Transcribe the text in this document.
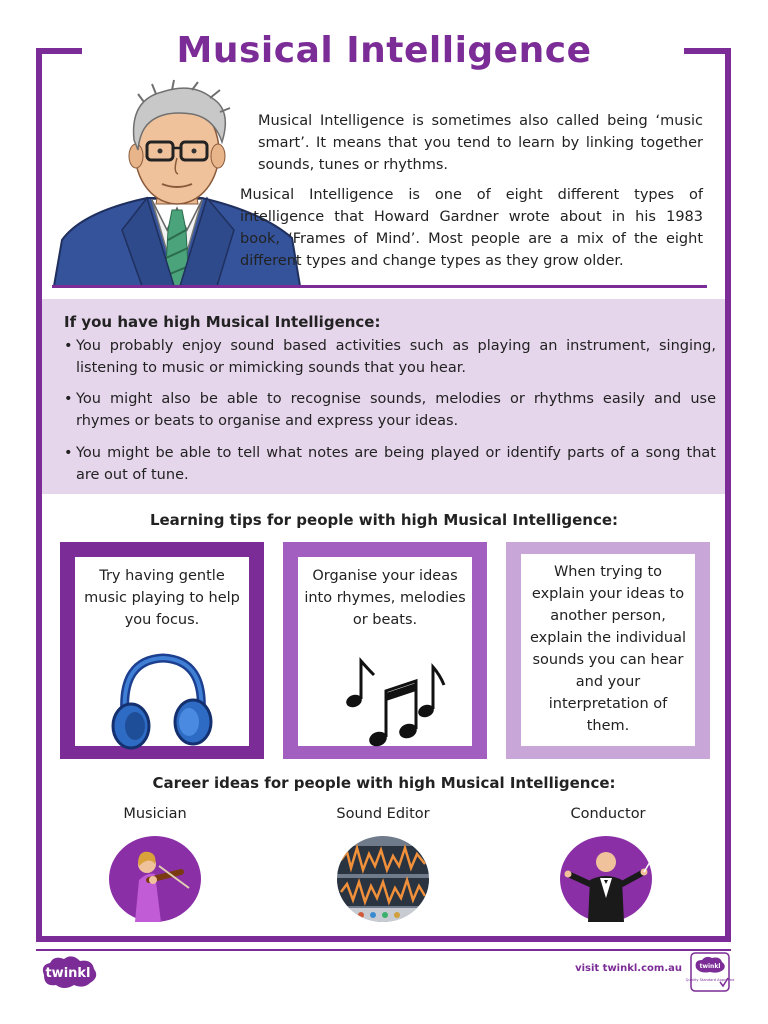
Musical Intelligence
Musical Intelligence is sometimes also called being ‘music smart’. It means that you tend to learn by linking together sounds, tunes or rhythms.
Musical Intelligence is one of eight different types of intelligence that Howard Gardner wrote about in his 1983 book, ‘Frames of Mind’. Most people are a mix of the eight different types and change types as they grow older.
If you have high Musical Intelligence:
• You probably enjoy sound based activities such as playing an instrument, singing, listening to music or mimicking sounds that you hear.
• You might also be able to recognise sounds, melodies or rhythms easily and use rhymes or beats to organise and express your ideas.
• You might be able to tell what notes are being played or identify parts of a song that are out of tune.
Learning tips for people with high Musical Intelligence:
Try having gentle music playing to help you focus.
Organise your ideas into rhymes, melodies or beats.
When trying to explain your ideas to another person, explain the individual sounds you can hear and your interpretation of them.
Career ideas for people with high Musical Intelligence:
Musician	Sound Editor	Conductor
twinkl	visit twinkl.com.au	twinkl
Quality Standard Approved
